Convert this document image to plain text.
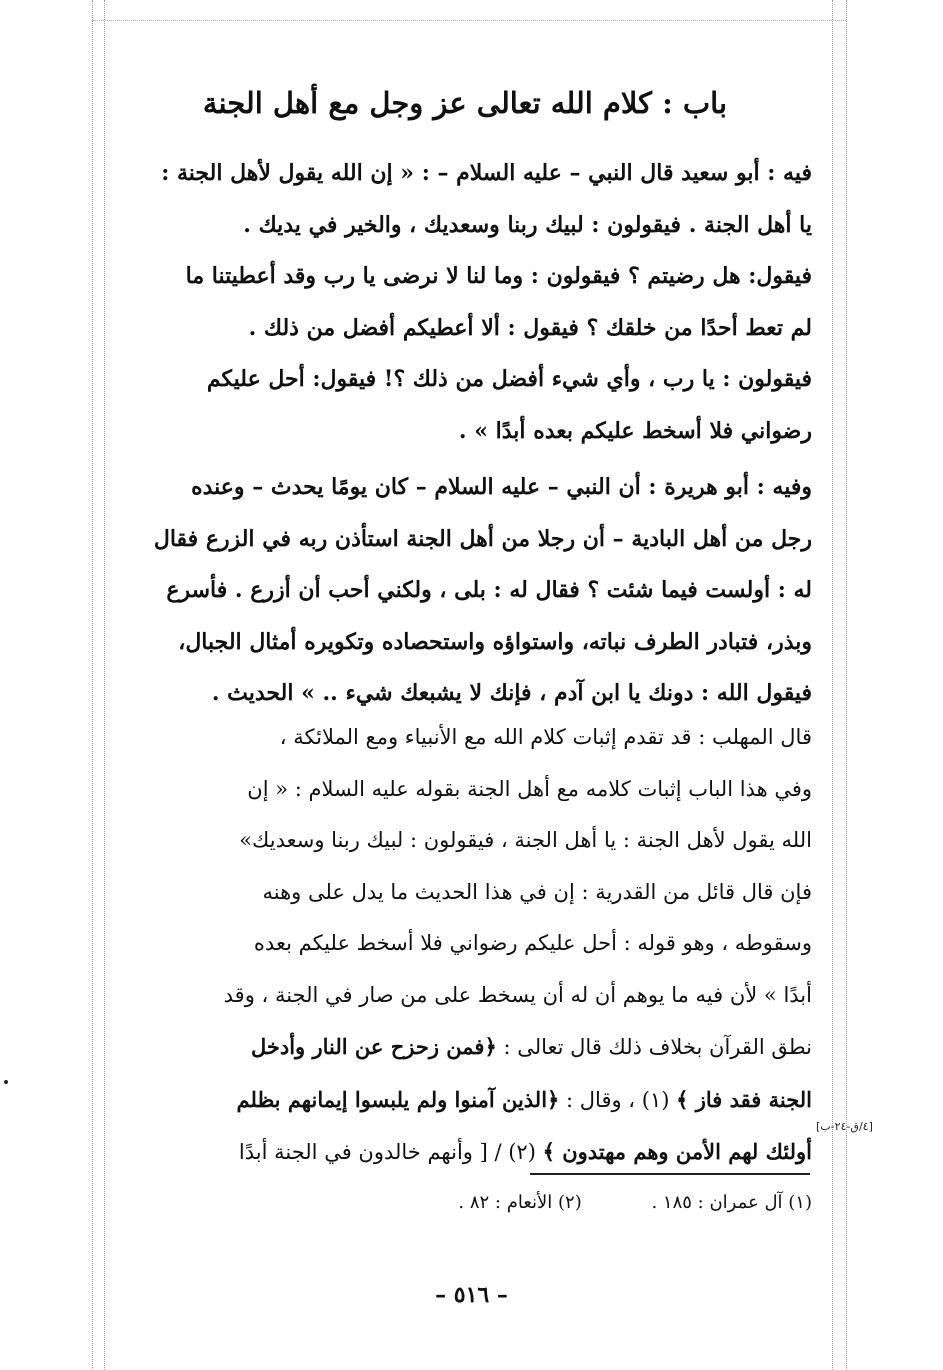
باب : كلام الله تعالى عز وجل مع أهل الجنة

فيه : أبو سعيد قال النبي – عليه السلام – : « إن الله يقول لأهل الجنة :

يا أهل الجنة . فيقولون : لبيك ربنا وسعديك ، والخير في يديك .

فيقول: هل رضيتم ؟ فيقولون : وما لنا لا نرضى يا رب وقد أعطيتنا ما

لم تعط أحدًا من خلقك ؟ فيقول : ألا أعطيكم أفضل من ذلك .

فيقولون : يا رب ، وأي شيء أفضل من ذلك ؟! فيقول: أحل عليكم

رضواني فلا أسخط عليكم بعده أبدًا » .

وفيه : أبو هريرة : أن النبي – عليه السلام – كان يومًا يحدث – وعنده

رجل من أهل البادية – أن رجلا من أهل الجنة استأذن ربه في الزرع فقال

له : أولست فيما شئت ؟ فقال له : بلى ، ولكني أحب أن أزرع . فأسرع

وبذر، فتبادر الطرف نباته، واستواؤه واستحصاده وتكويره أمثال الجبال،

فيقول الله : دونك يا ابن آدم ، فإنك لا يشبعك شيء .. » الحديث .

قال المهلب : قد تقدم إثبات كلام الله مع الأنبياء ومع الملائكة ،

وفي هذا الباب إثبات كلامه مع أهل الجنة بقوله عليه السلام : « إن

الله يقول لأهل الجنة : يا أهل الجنة ، فيقولون : لبيك ربنا وسعديك»

فإن قال قائل من القدرية : إن في هذا الحديث ما يدل على وهنه

وسقوطه ، وهو قوله : أحل عليكم رضواني فلا أسخط عليكم بعده

أبدًا » لأن فيه ما يوهم أن له أن يسخط على من صار في الجنة ، وقد

نطق القرآن بخلاف ذلك قال تعالى : ﴿فمن زحزح عن النار وأدخل

الجنة فقد فاز ﴾ (١) ، وقال : ﴿الذين آمنوا ولم يلبسوا إيمانهم بظلم

أولئك لهم الأمن وهم مهتدون ﴾ (٢) / [ وأنهم خالدون في الجنة أبدًا

[٤/ق-٢٤-ب]
(١) آل عمران : ١٨٥ . (٢) الأنعام : ٨٢ .
– ٥١٦ –
